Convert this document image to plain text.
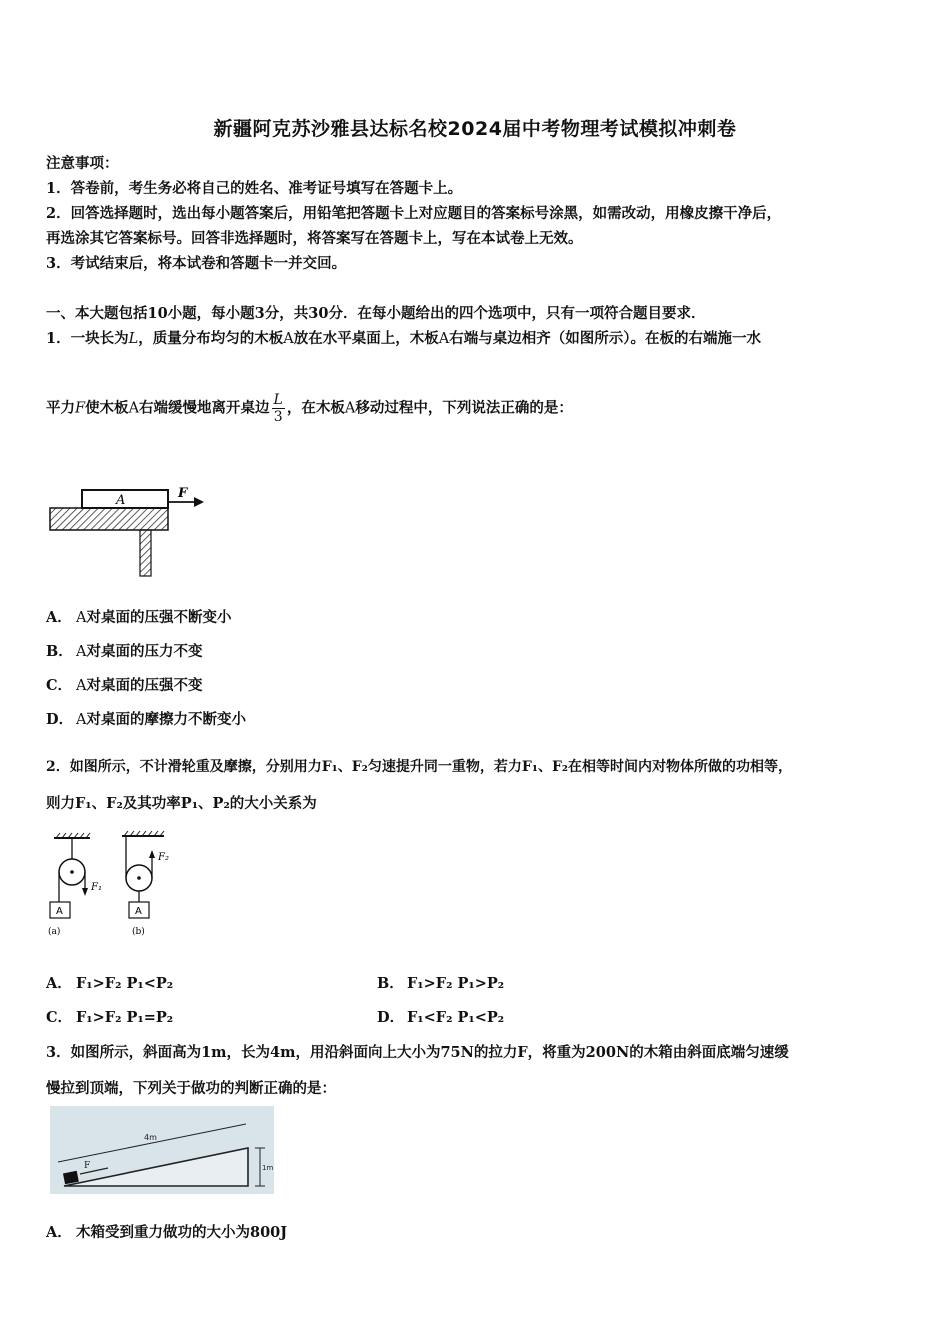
新疆阿克苏沙雅县达标名校2024届中考物理考试模拟冲刺卷
注意事项：
1．答卷前，考生务必将自己的姓名、准考证号填写在答题卡上。
2．回答选择题时，选出每小题答案后，用铅笔把答题卡上对应题目的答案标号涂黑，如需改动，用橡皮擦干净后，
再选涂其它答案标号。回答非选择题时，将答案写在答题卡上，写在本试卷上无效。
3．考试结束后，将本试卷和答题卡一并交回。
一、本大题包括10小题，每小题3分，共30分．在每小题给出的四个选项中，只有一项符合题目要求．
1．一块长为L，质量分布均匀的木板A放在水平桌面上，木板A右端与桌边相齐（如图所示）。在板的右端施一水
平力F使木板A右端缓慢地离开桌边 $\frac{L}{3}$ ，在木板A移动过程中，下列说法正确的是：
A	F
A． A对桌面的压强不断变小
B． A对桌面的压力不变
C． A对桌面的压强不变
D． A对桌面的摩擦力不断变小
2．如图所示，不计滑轮重及摩擦，分别用力F₁、F₂匀速提升同一重物，若力F₁、F₂在相等时间内对物体所做的功相等，
则力F₁、F₂及其功率P₁、P₂的大小关系为
F₁
A
(a)
F₂
A
(b)
A． F₁>F₂ P₁<P₂	B． F₁>F₂ P₁>P₂
C． F₁>F₂ P₁=P₂	D． F₁<F₂ P₁<P₂
3．如图所示，斜面高为1m，长为4m，用沿斜面向上大小为75N的拉力F，将重为200N的木箱由斜面底端匀速缓
慢拉到顶端，下列关于做功的判断正确的是：
4m
1m
F
A． 木箱受到重力做功的大小为800J
